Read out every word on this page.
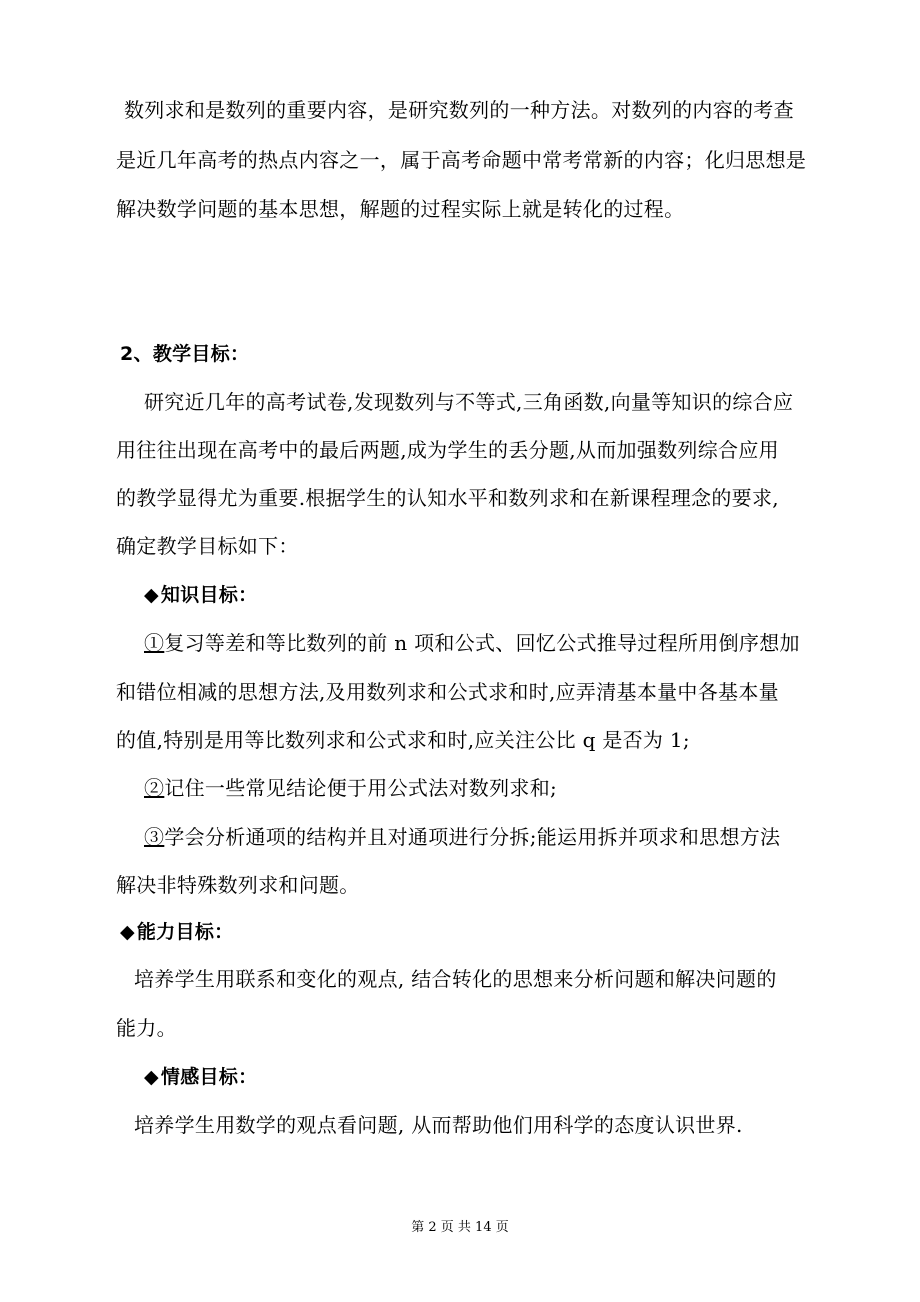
数列求和是数列的重要内容，是研究数列的一种方法。对数列的内容的考查
是近几年高考的热点内容之一，属于高考命题中常考常新的内容；化归思想是
解决数学问题的基本思想，解题的过程实际上就是转化的过程。
2、教学目标：
研究近几年的高考试卷,发现数列与不等式,三角函数,向量等知识的综合应
用往往出现在高考中的最后两题,成为学生的丢分题,从而加强数列综合应用
的教学显得尤为重要.根据学生的认知水平和数列求和在新课程理念的要求,
确定教学目标如下：
◆ 知识目标：
①复习等差和等比数列的前 n 项和公式、回忆公式推导过程所用倒序想加
和错位相减的思想方法,及用数列求和公式求和时,应弄清基本量中各基本量
的值,特别是用等比数列求和公式求和时,应关注公比 q 是否为 1;
②记住一些常见结论便于用公式法对数列求和;
③学会分析通项的结构并且对通项进行分拆;能运用拆并项求和思想方法
解决非特殊数列求和问题。
◆ 能力目标：
培养学生用联系和变化的观点, 结合转化的思想来分析问题和解决问题的
能力。
◆ 情感目标：
培养学生用数学的观点看问题, 从而帮助他们用科学的态度认识世界.
第 2 页 共 14 页
